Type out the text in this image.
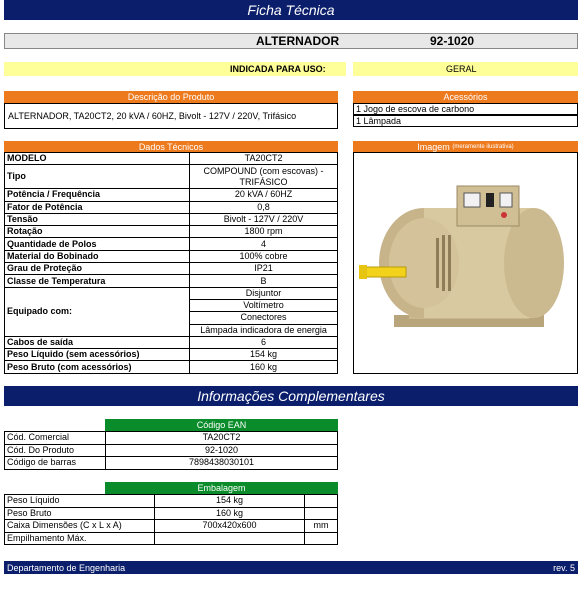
Ficha Técnica
ALTERNADOR	92-1020
INDICADA PARA USO:	GERAL
Descrição do Produto
ALTERNADOR, TA20CT2, 20 kVA / 60HZ, Bivolt - 127V / 220V, Trifásico
Acessórios
1 Jogo de escova de carbono
1 Lâmpada
Dados Técnicos
MODELO	TA20CT2
Tipo	COMPOUND (com escovas) - TRIFÁSICO
Potência / Frequência	20 kVA / 60HZ
Fator de Potência	0,8
Tensão	Bivolt - 127V / 220V
Rotação	1800 rpm
Quantidade de Polos	4
Material do Bobinado	100% cobre
Grau de Proteção	IP21
Classe de Temperatura	B
Equipado com:	Disjuntor
	Voltímetro
	Conectores
	Lâmpada indicadora de energia
Cabos de saída	6
Peso Líquido (sem acessórios)	154 kg
Peso Bruto (com acessórios)	160 kg
Imagem
(meramente ilustrativa)
Informações Complementares
Código EAN
Cód. Comercial	TA20CT2
Cód. Do Produto	92-1020
Código de barras	7898438030101
Embalagem
Peso Líquido	154 kg	
Peso Bruto	160 kg	
Caixa Dimensões (C x L x A)	700x420x600	mm
Empilhamento Máx.		
Departamento de Engenharia	rev. 5
